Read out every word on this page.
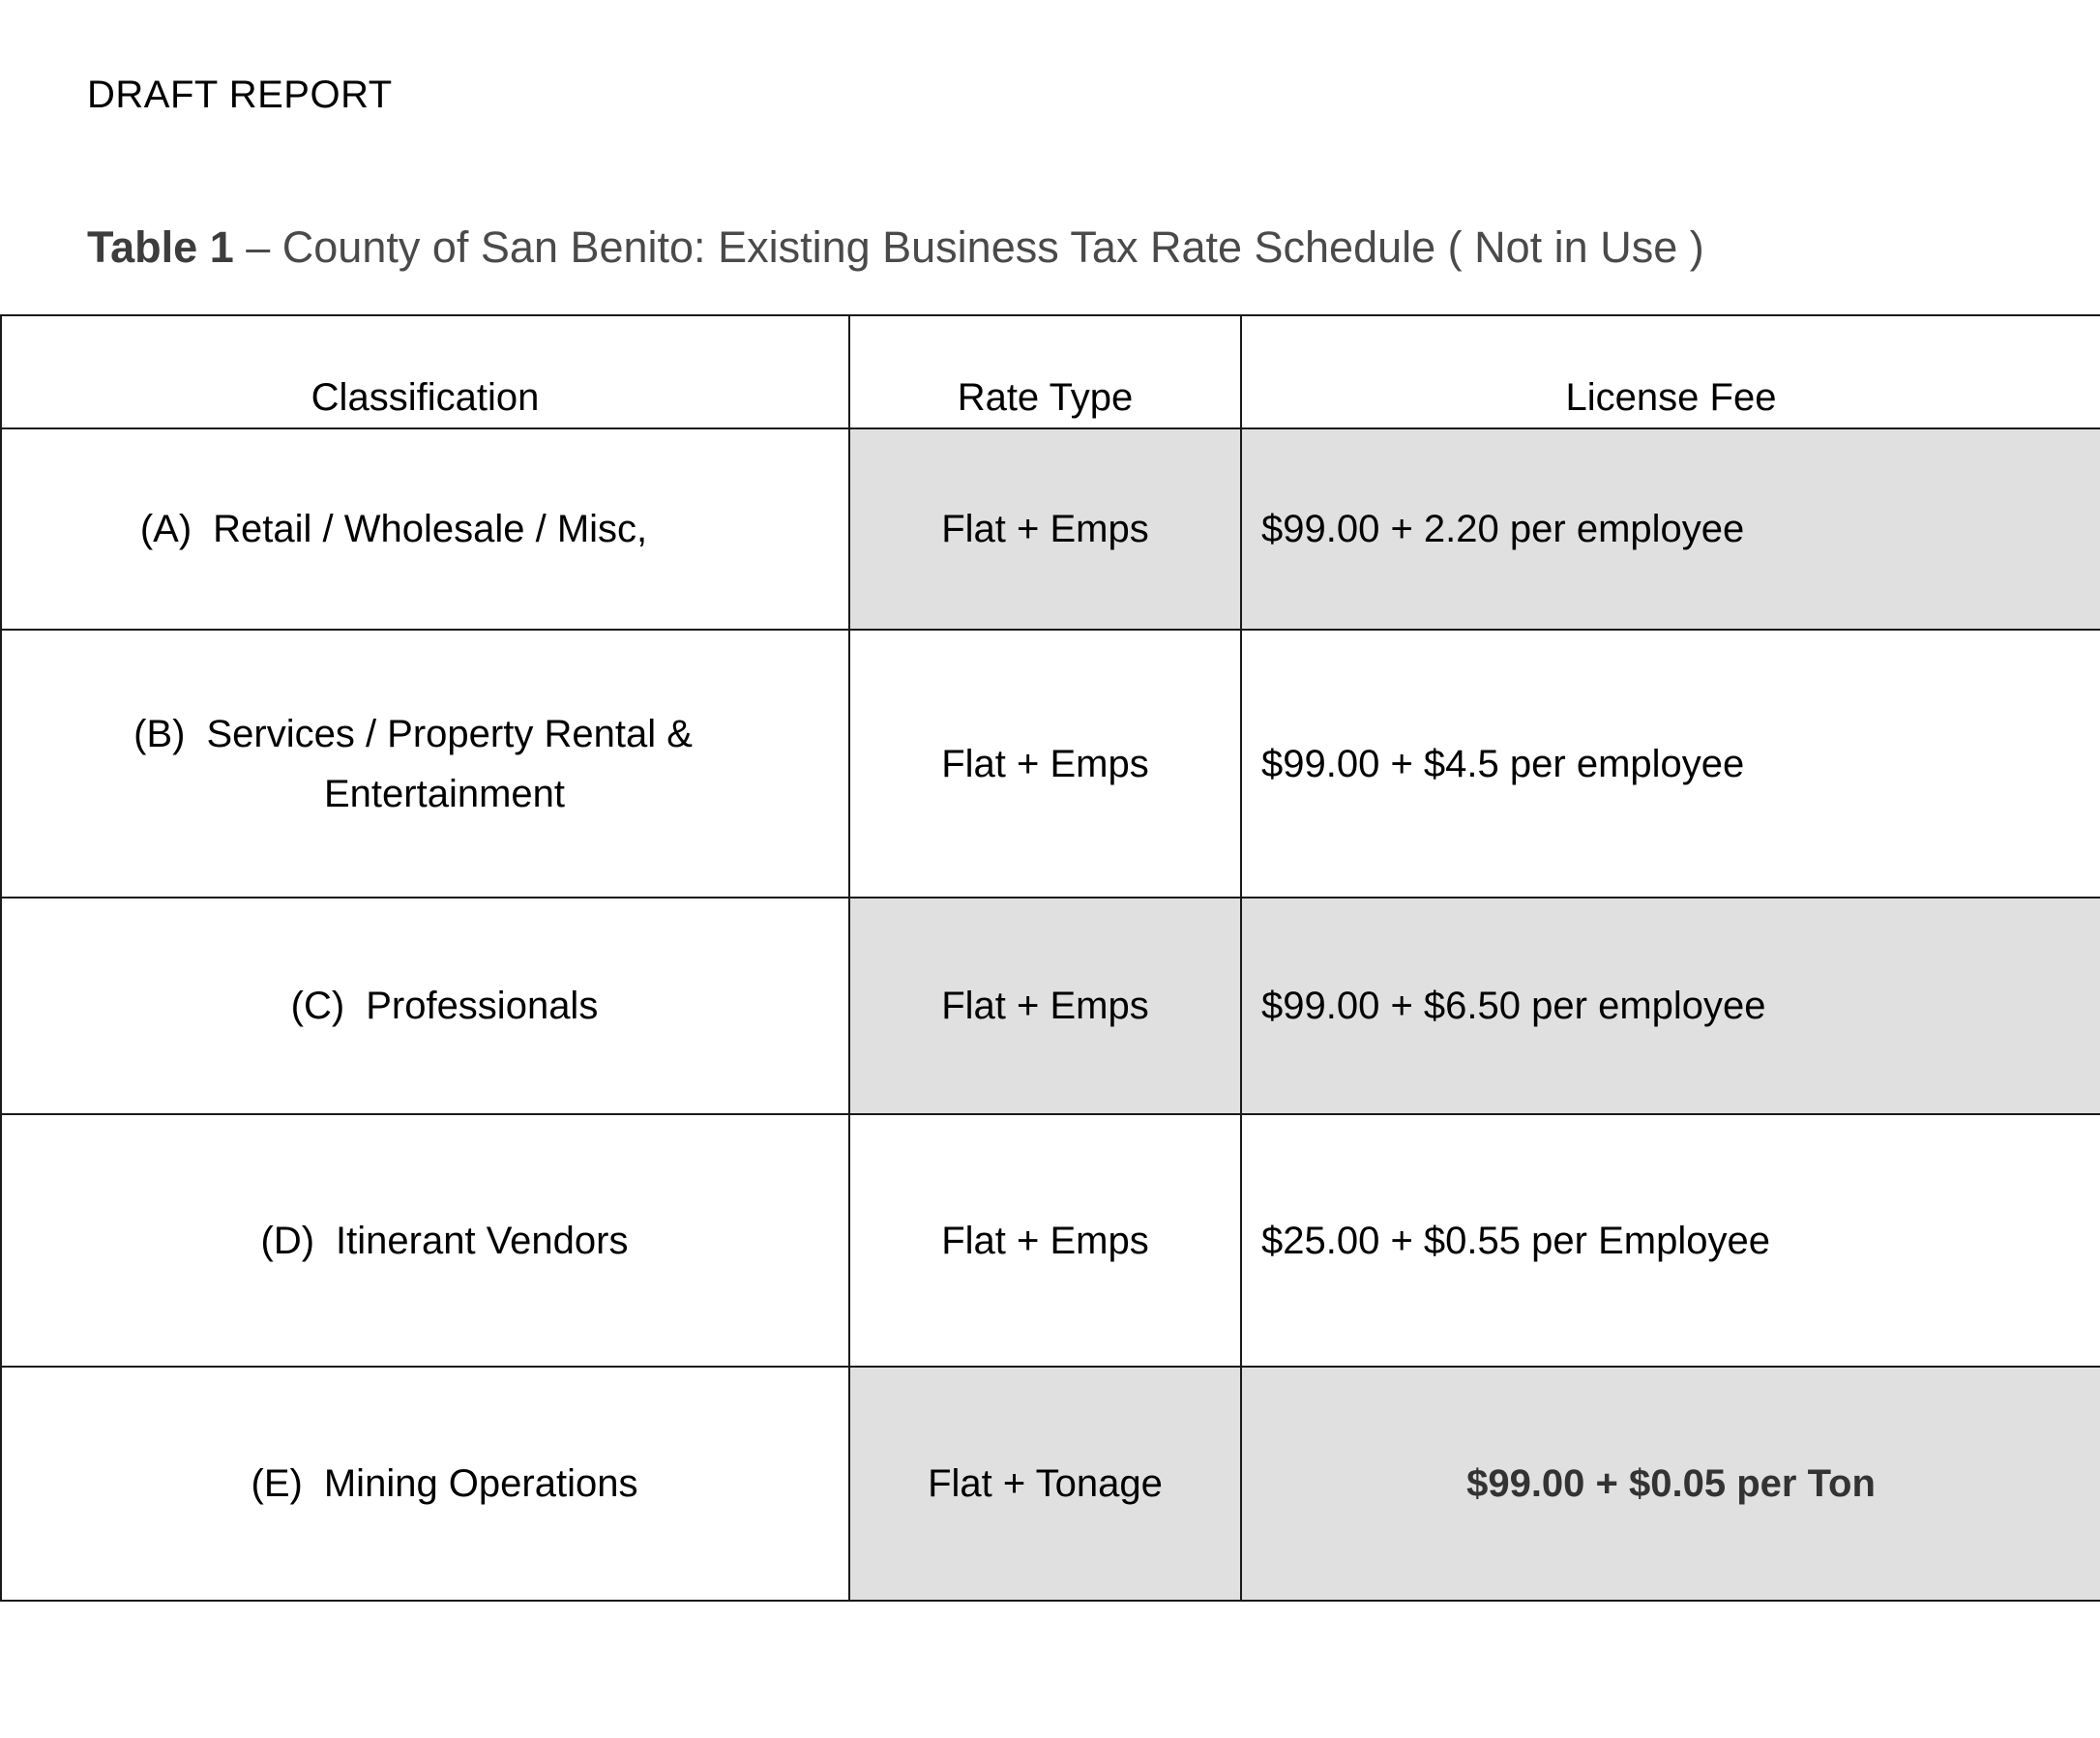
DRAFT REPORT
Table 1 – County of San Benito: Existing Business Tax Rate Schedule ( Not in Use )
Classification	Rate Type	License Fee
(A) Retail / Wholesale / Misc,	Flat + Emps	$99.00 + 2.20 per employee

(B) Services / Property Rental &
Entertainment	Flat + Emps	$99.00 + $4.5 per employee
(C) Professionals	Flat + Emps	$99.00 + $6.50 per employee
(D) Itinerant Vendors	Flat + Emps	$25.00 + $0.55 per Employee
(E) Mining Operations	Flat + Tonage	$99.00 + $0.05 per Ton
